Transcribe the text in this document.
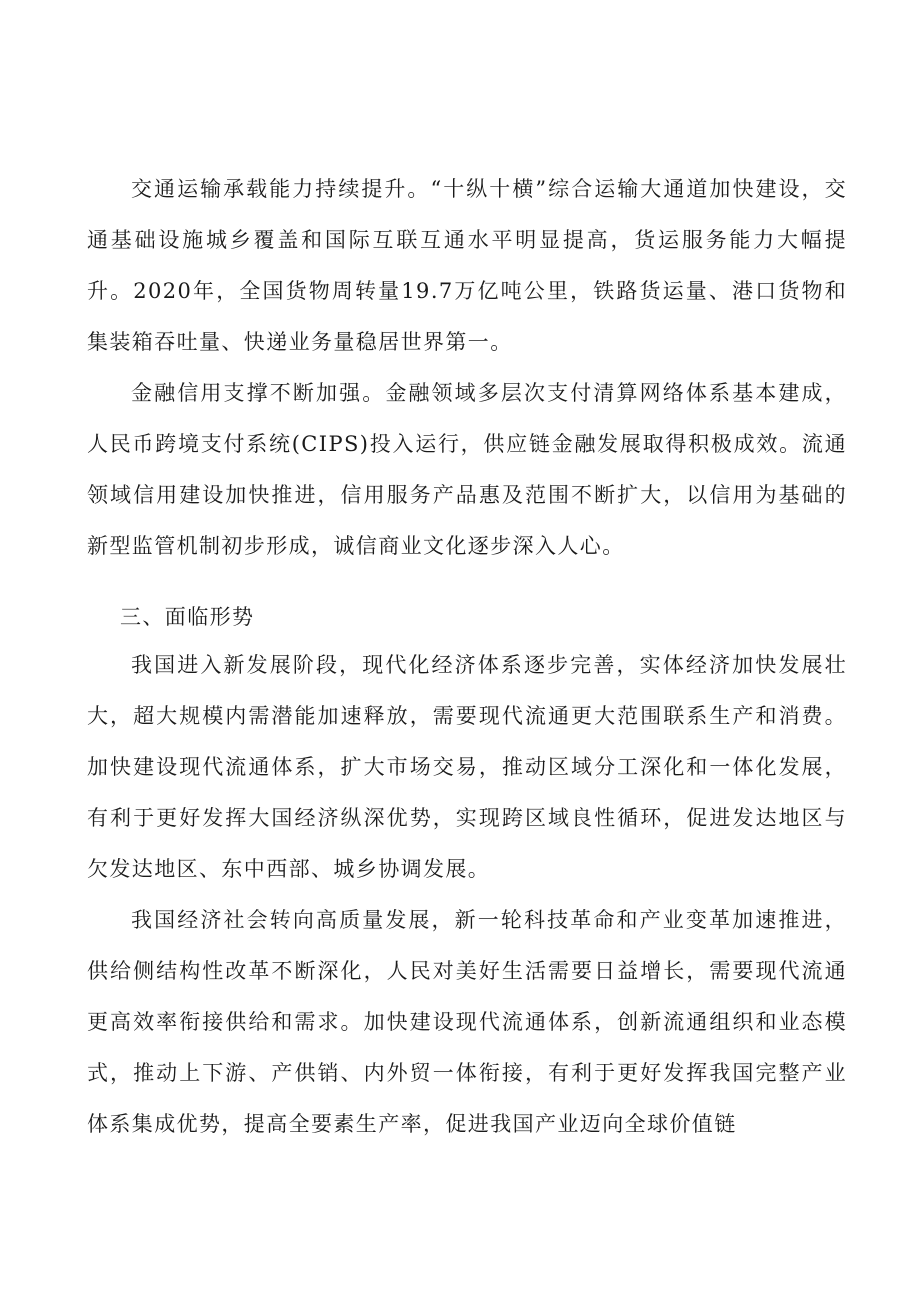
交通运输承载能力持续提升。“十纵十横”综合运输大通道加快建设，交通基础设施城乡覆盖和国际互联互通水平明显提高，货运服务能力大幅提升。2020年，全国货物周转量19.7万亿吨公里，铁路货运量、港口货物和集装箱吞吐量、快递业务量稳居世界第一。

金融信用支撑不断加强。金融领域多层次支付清算网络体系基本建成，人民币跨境支付系统(CIPS)投入运行，供应链金融发展取得积极成效。流通领域信用建设加快推进，信用服务产品惠及范围不断扩大，以信用为基础的新型监管机制初步形成，诚信商业文化逐步深入人心。

三、面临形势

我国进入新发展阶段，现代化经济体系逐步完善，实体经济加快发展壮大，超大规模内需潜能加速释放，需要现代流通更大范围联系生产和消费。加快建设现代流通体系，扩大市场交易，推动区域分工深化和一体化发展，有利于更好发挥大国经济纵深优势，实现跨区域良性循环，促进发达地区与欠发达地区、东中西部、城乡协调发展。

我国经济社会转向高质量发展，新一轮科技革命和产业变革加速推进，供给侧结构性改革不断深化，人民对美好生活需要日益增长，需要现代流通更高效率衔接供给和需求。加快建设现代流通体系，创新流通组织和业态模式，推动上下游、产供销、内外贸一体衔接，有利于更好发挥我国完整产业体系集成优势，提高全要素生产率，促进我国产业迈向全球价值链
